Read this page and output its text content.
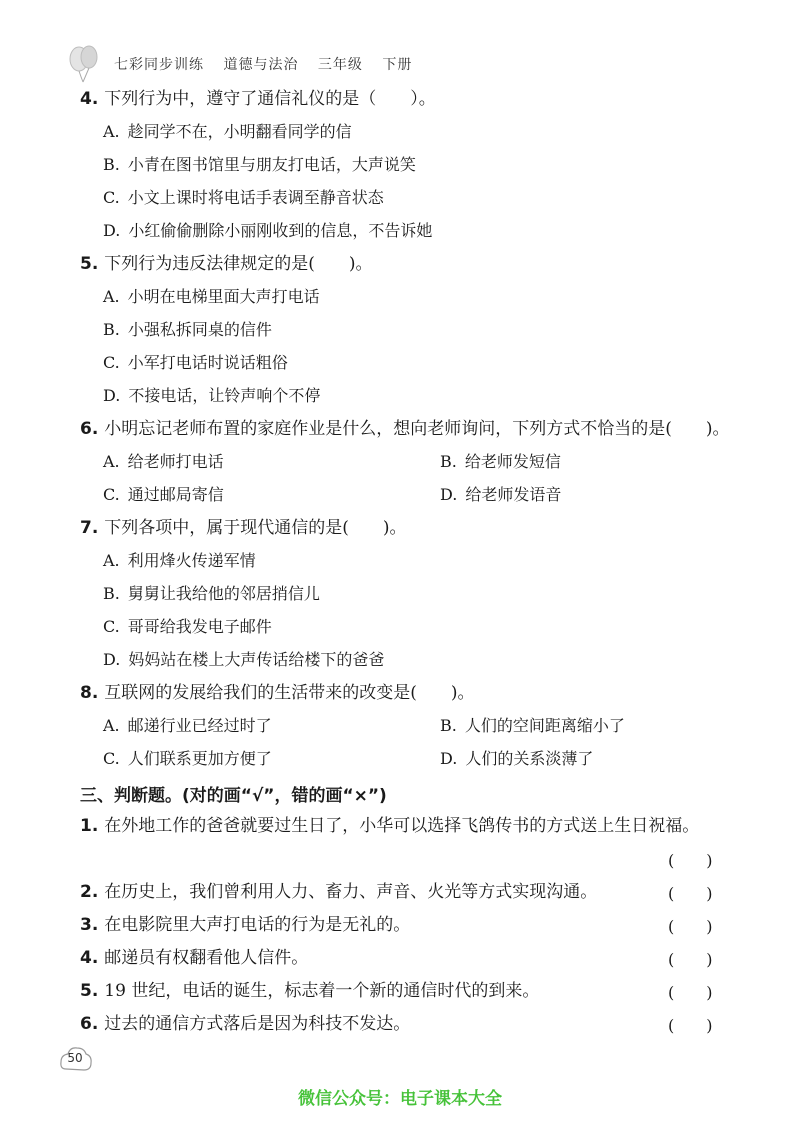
七彩同步训练 道德与法治 三年级 下册
4. 下列行为中，遵守了通信礼仪的是（　　）。
A. 趁同学不在，小明翻看同学的信
B. 小青在图书馆里与朋友打电话，大声说笑
C. 小文上课时将电话手表调至静音状态
D. 小红偷偷删除小丽刚收到的信息，不告诉她
5. 下列行为违反法律规定的是(　　)。
A. 小明在电梯里面大声打电话
B. 小强私拆同桌的信件
C. 小军打电话时说话粗俗
D. 不接电话，让铃声响个不停
6. 小明忘记老师布置的家庭作业是什么，想向老师询问，下列方式不恰当的是(　　)。
A. 给老师打电话	B. 给老师发短信
C. 通过邮局寄信	D. 给老师发语音
7. 下列各项中，属于现代通信的是(　　)。
A. 利用烽火传递军情
B. 舅舅让我给他的邻居捎信儿
C. 哥哥给我发电子邮件
D. 妈妈站在楼上大声传话给楼下的爸爸
8. 互联网的发展给我们的生活带来的改变是(　　)。
A. 邮递行业已经过时了	B. 人们的空间距离缩小了
C. 人们联系更加方便了	D. 人们的关系淡薄了
三、判断题。(对的画“√”，错的画“×”)
1. 在外地工作的爸爸就要过生日了，小华可以选择飞鸽传书的方式送上生日祝福。
(　　)
2. 在历史上，我们曾利用人力、畜力、声音、火光等方式实现沟通。	(　　)
3. 在电影院里大声打电话的行为是无礼的。	(　　)
4. 邮递员有权翻看他人信件。	(　　)
5. 19 世纪，电话的诞生，标志着一个新的通信时代的到来。	(　　)
6. 过去的通信方式落后是因为科技不发达。	(　　)
50
微信公众号：电子课本大全
